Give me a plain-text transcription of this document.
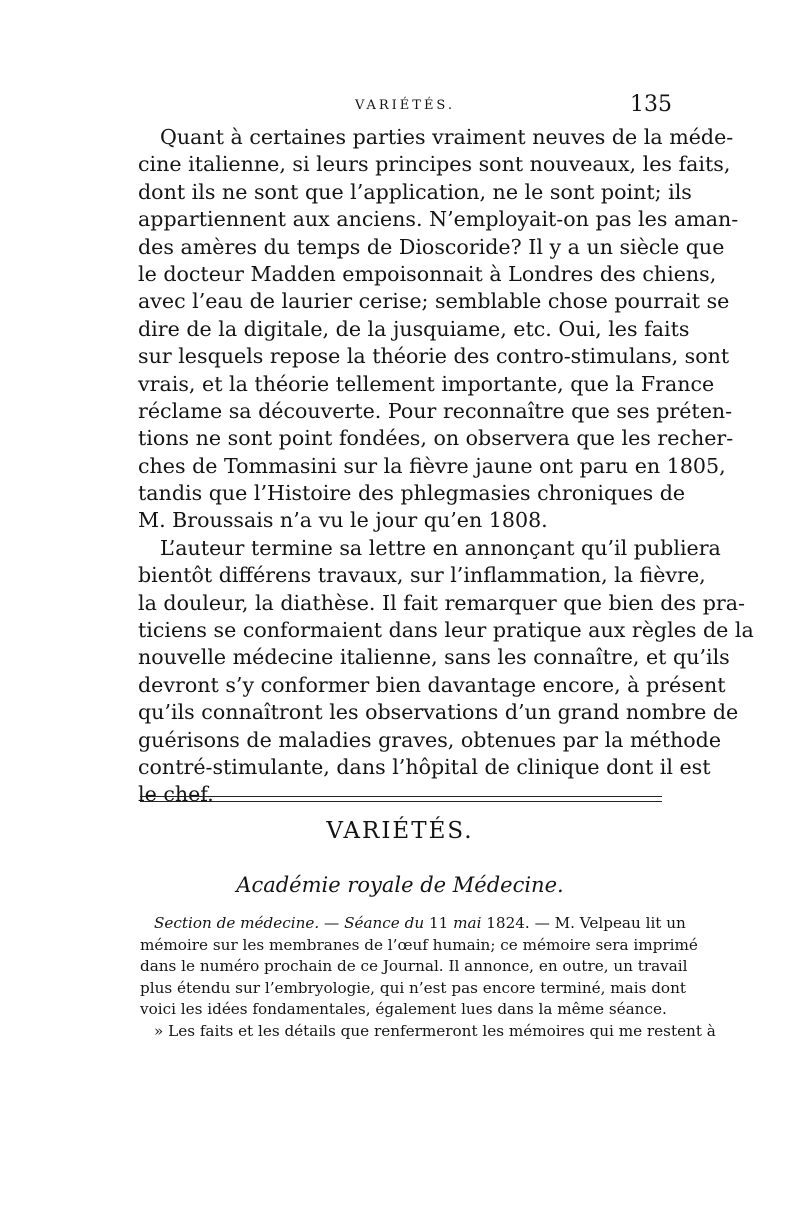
VARIÉTÉS.	135
Quant à certaines parties vraiment neuves de la méde-
cine italienne, si leurs principes sont nouveaux, les faits,
dont ils ne sont que l’application, ne le sont point; ils
appartiennent aux anciens. N’employait-on pas les aman-
des amères du temps de Dioscoride? Il y a un siècle que
le docteur Madden empoisonnait à Londres des chiens,
avec l’eau de laurier cerise; semblable chose pourrait se
dire de la digitale, de la jusquiame, etc. Oui, les faits
sur lesquels repose la théorie des contro-stimulans, sont
vrais, et la théorie tellement importante, que la France
réclame sa découverte. Pour reconnaître que ses préten-
tions ne sont point fondées, on observera que les recher-
ches de Tommasini sur la fièvre jaune ont paru en 1805,
tandis que l’Histoire des phlegmasies chroniques de
M. Broussais n’a vu le jour qu’en 1808.
L’auteur termine sa lettre en annonçant qu’il publiera
bientôt différens travaux, sur l’inflammation, la fièvre,
la douleur, la diathèse. Il fait remarquer que bien des pra-
ticiens se conformaient dans leur pratique aux règles de la
nouvelle médecine italienne, sans les connaître, et qu’ils
devront s’y conformer bien davantage encore, à présent
qu’ils connaîtront les observations d’un grand nombre de
guérisons de maladies graves, obtenues par la méthode
contré-stimulante, dans l’hôpital de clinique dont il est
le chef.
VARIÉTÉS.
Académie royale de Médecine.
Section de médecine. — Séance du 11 mai 1824. — M. Velpeau lit un
mémoire sur les membranes de l’œuf humain; ce mémoire sera imprimé
dans le numéro prochain de ce Journal. Il annonce, en outre, un travail
plus étendu sur l’embryologie, qui n’est pas encore terminé, mais dont
voici les idées fondamentales, également lues dans la même séance.
» Les faits et les détails que renfermeront les mémoires qui me restent à
